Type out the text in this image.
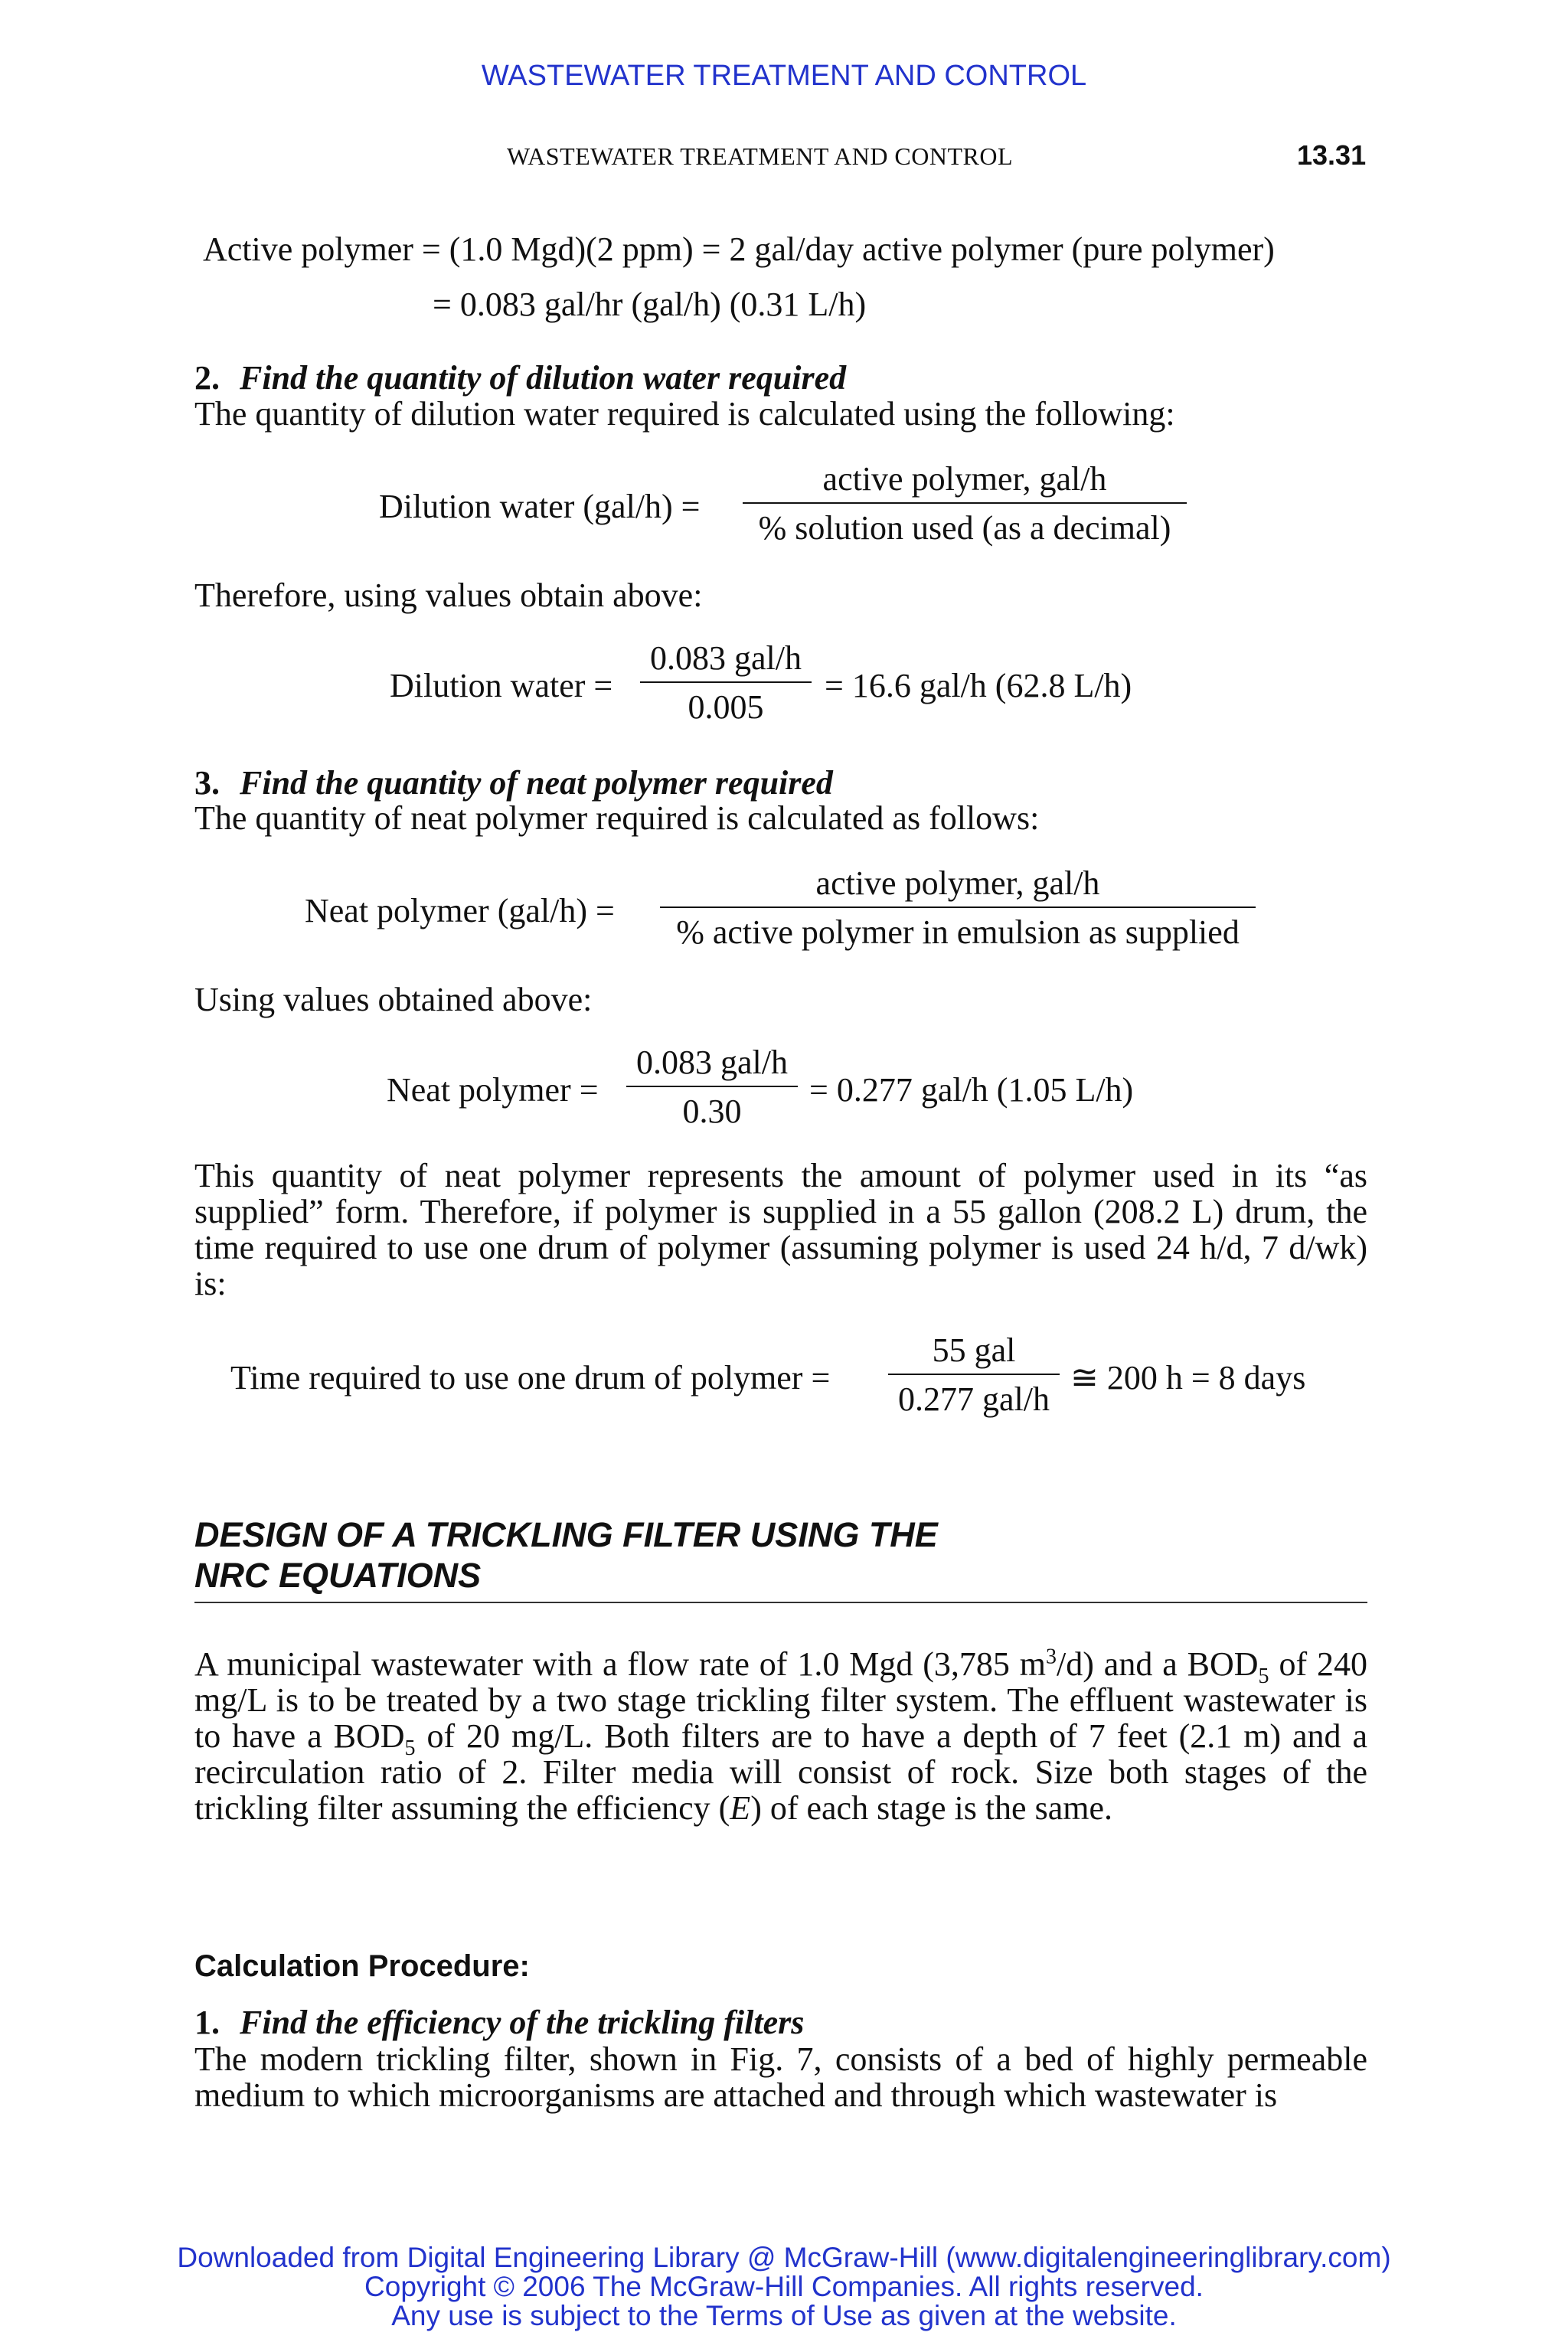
WASTEWATER TREATMENT AND CONTROL
WASTEWATER TREATMENT AND CONTROL	13.31
Active polymer = (1.0 Mgd)(2 ppm) = 2 gal/day active polymer (pure polymer)
= 0.083 gal/hr (gal/h) (0.31 L/h)
2. Find the quantity of dilution water required
The quantity of dilution water required is calculated using the following:
Dilution water (gal/h) =
active polymer, gal/h
% solution used (as a decimal)
Therefore, using values obtain above:
Dilution water =
0.083 gal/h
0.005
= 16.6 gal/h (62.8 L/h)
3. Find the quantity of neat polymer required
The quantity of neat polymer required is calculated as follows:
Neat polymer (gal/h) =
active polymer, gal/h
% active polymer in emulsion as supplied
Using values obtained above:
Neat polymer =
0.083 gal/h
0.30
= 0.277 gal/h (1.05 L/h)
This quantity of neat polymer represents the amount of polymer used in its “as supplied” form. Therefore, if polymer is supplied in a 55 gallon (208.2 L) drum, the time required to use one drum of polymer (assuming polymer is used 24 h/d, 7 d/wk) is:
Time required to use one drum of polymer =
55 gal
0.277 gal/h
≅ 200 h = 8 days
DESIGN OF A TRICKLING FILTER USING THE
NRC EQUATIONS
A municipal wastewater with a flow rate of 1.0 Mgd (3,785 $m^3/d$) and a $BOD_5$ of 240 mg/L is to be treated by a two stage trickling filter system. The effluent wastewater is to have a $BOD_5$ of 20 mg/L. Both filters are to have a depth of 7 feet (2.1 m) and a recirculation ratio of 2. Filter media will consist of rock. Size both stages of the trickling filter assuming the efficiency (E) of each stage is the same.
Calculation Procedure:
1. Find the efficiency of the trickling filters
The modern trickling filter, shown in Fig. 7, consists of a bed of highly permeable medium to which microorganisms are attached and through which wastewater is
Downloaded from Digital Engineering Library @ McGraw-Hill (www.digitalengineeringlibrary.com)
Copyright © 2006 The McGraw-Hill Companies. All rights reserved.
Any use is subject to the Terms of Use as given at the website.
